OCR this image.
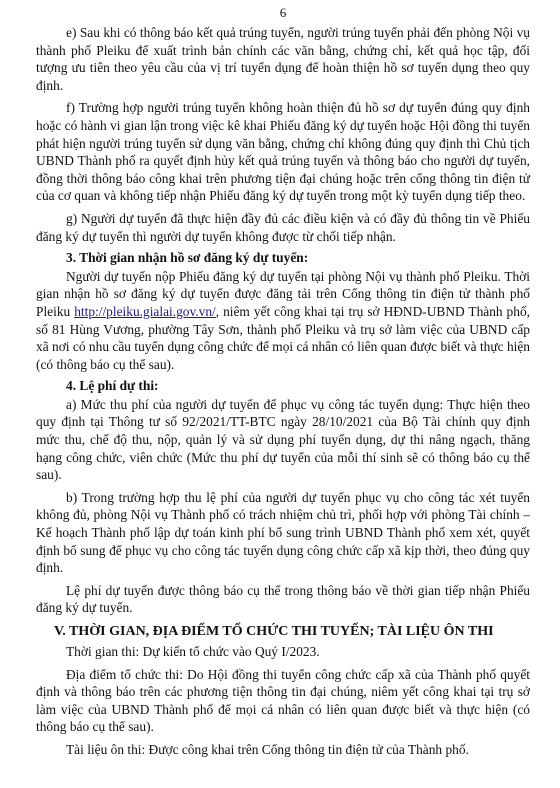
6

e) Sau khi có thông báo kết quả trúng tuyển, người trúng tuyển phải đến phòng Nội vụ thành phố Pleiku để xuất trình bản chính các văn bằng, chứng chỉ, kết quả học tập, đối tượng ưu tiên theo yêu cầu của vị trí tuyển dụng để hoàn thiện hồ sơ tuyển dụng theo quy định.

f) Trường hợp người trúng tuyển không hoàn thiện đủ hồ sơ dự tuyển đúng quy định hoặc có hành vi gian lận trong việc kê khai Phiếu đăng ký dự tuyển hoặc Hội đồng thi tuyển phát hiện người trúng tuyển sử dụng văn bằng, chứng chỉ không đúng quy định thì Chủ tịch UBND Thành phố ra quyết định hủy kết quả trúng tuyển và thông báo cho người dự tuyển, đồng thời thông báo công khai trên phương tiện đại chúng hoặc trên cổng thông tin điện tử của cơ quan và không tiếp nhận Phiếu đăng ký dự tuyển trong một kỳ tuyển dụng tiếp theo.

g) Người dự tuyển đã thực hiện đầy đủ các điều kiện và có đầy đủ thông tin về Phiếu đăng ký dự tuyển thì người dự tuyển không được từ chối tiếp nhận.

3. Thời gian nhận hồ sơ đăng ký dự tuyển:

Người dự tuyển nộp Phiếu đăng ký dự tuyển tại phòng Nội vụ thành phố Pleiku. Thời gian nhận hồ sơ đăng ký dự tuyển được đăng tải trên Cổng thông tin điện tử thành phố Pleiku http://pleiku.gialai.gov.vn/, niêm yết công khai tại trụ sở HĐND-UBND Thành phố, số 81 Hùng Vương, phường Tây Sơn, thành phố Pleiku và trụ sở làm việc của UBND cấp xã nơi có nhu cầu tuyển dụng công chức để mọi cá nhân có liên quan được biết và thực hiện (có thông báo cụ thể sau).

4. Lệ phí dự thi:

a) Mức thu phí của người dự tuyển để phục vụ công tác tuyển dụng: Thực hiện theo quy định tại Thông tư số 92/2021/TT-BTC ngày 28/10/2021 của Bộ Tài chính quy định mức thu, chế độ thu, nộp, quản lý và sử dụng phí tuyển dụng, dự thi nâng ngạch, thăng hạng công chức, viên chức (Mức thu phí dự tuyển của mỗi thí sinh sẽ có thông báo cụ thể sau).

b) Trong trường hợp thu lệ phí của người dự tuyển phục vụ cho công tác xét tuyển không đủ, phòng Nội vụ Thành phố có trách nhiệm chủ trì, phối hợp với phòng Tài chính – Kế hoạch Thành phố lập dự toán kinh phí bổ sung trình UBND Thành phố xem xét, quyết định bổ sung để phục vụ cho công tác tuyển dụng công chức cấp xã kịp thời, theo đúng quy định.

Lệ phí dự tuyển được thông báo cụ thể trong thông báo về thời gian tiếp nhận Phiếu đăng ký dự tuyển.

V. THỜI GIAN, ĐỊA ĐIỂM TỔ CHỨC THI TUYỂN; TÀI LIỆU ÔN THI

Thời gian thi: Dự kiến tổ chức vào Quý I/2023.

Địa điểm tổ chức thi: Do Hội đồng thi tuyển công chức cấp xã của Thành phố quyết định và thông báo trên các phương tiện thông tin đại chúng, niêm yết công khai tại trụ sở làm việc của UBND Thành phố để mọi cá nhân có liên quan được biết và thực hiện (có thông báo cụ thể sau).

Tài liệu ôn thi: Được công khai trên Cổng thông tin điện tử của Thành phố.
